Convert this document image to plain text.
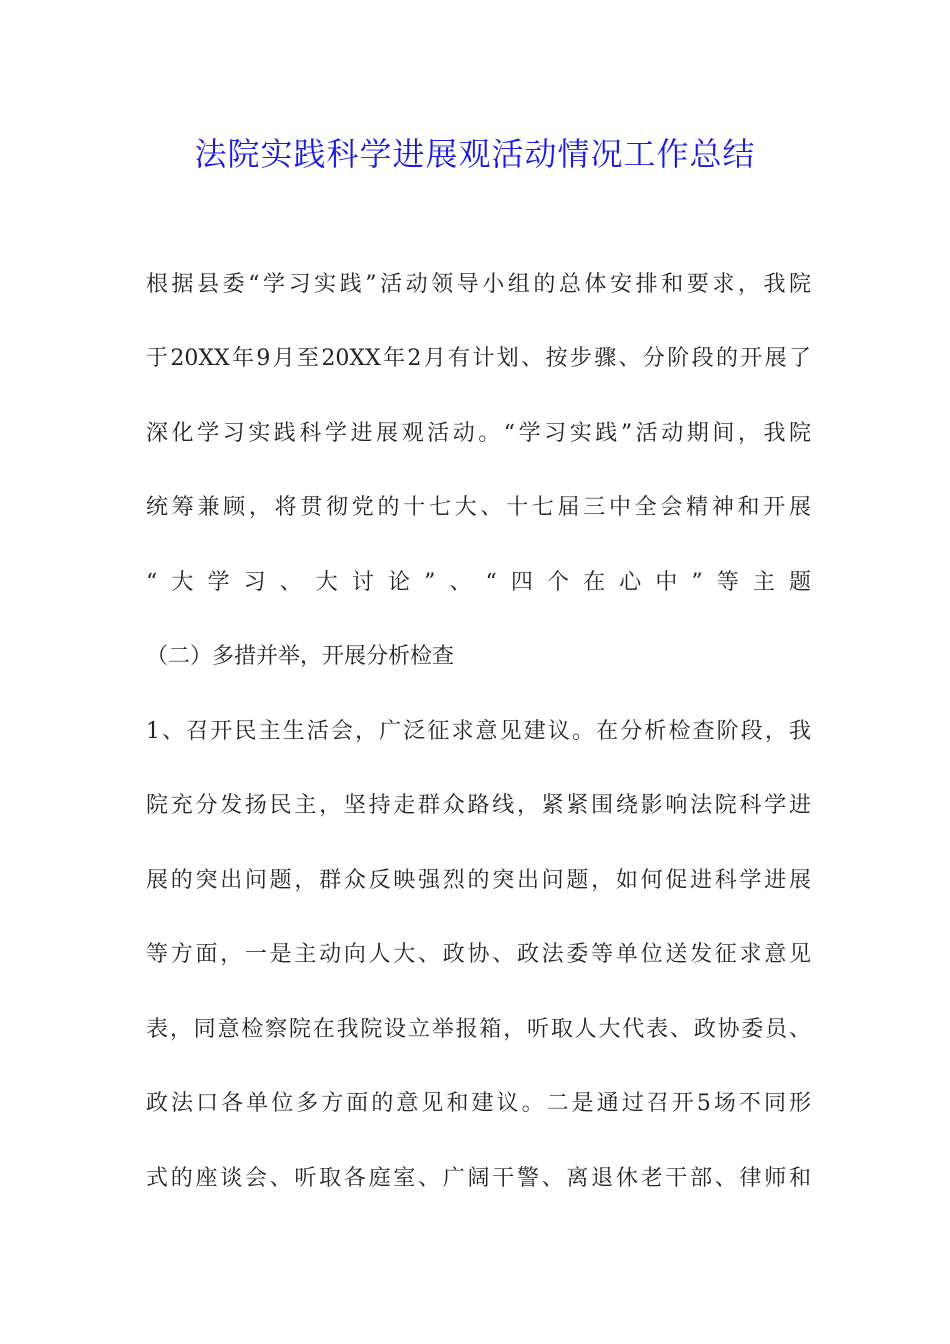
法院实践科学进展观活动情况工作总结
根据县委“学习实践”活动领导小组的总体安排和要求，我院
于20XX年9月至20XX年2月有计划、按步骤、分阶段的开展了
深化学习实践科学进展观活动。“学习实践”活动期间，我院
统筹兼顾，将贯彻党的十七大、十七届三中全会精神和开展
“大学习、大讨论”、“四个在心中”等主题
（二）多措并举，开展分析检查
1、召开民主生活会，广泛征求意见建议。在分析检查阶段，我
院充分发扬民主，坚持走群众路线，紧紧围绕影响法院科学进
展的突出问题，群众反映强烈的突出问题，如何促进科学进展
等方面，一是主动向人大、政协、政法委等单位送发征求意见
表，同意检察院在我院设立举报箱，听取人大代表、政协委员、
政法口各单位多方面的意见和建议。二是通过召开5场不同形
式的座谈会、听取各庭室、广阔干警、离退休老干部、律师和
